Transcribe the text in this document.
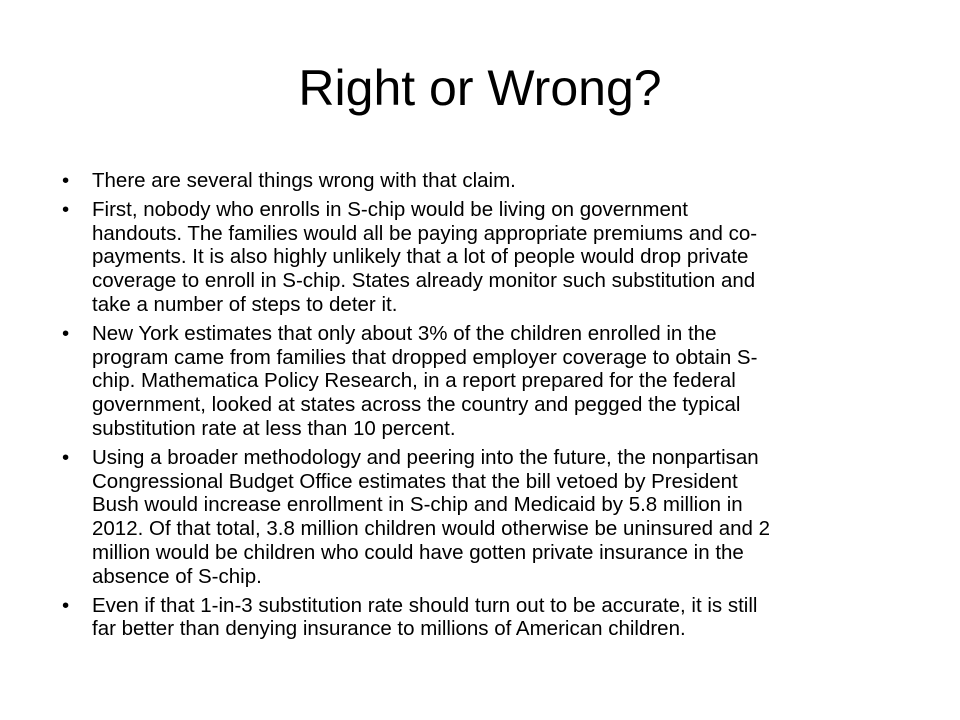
Right or Wrong?
• There are several things wrong with that claim.
• First, nobody who enrolls in S-chip would be living on government
handouts. The families would all be paying appropriate premiums and co-
payments. It is also highly unlikely that a lot of people would drop private
coverage to enroll in S-chip. States already monitor such substitution and
take a number of steps to deter it.
• New York estimates that only about 3% of the children enrolled in the
program came from families that dropped employer coverage to obtain S-
chip. Mathematica Policy Research, in a report prepared for the federal
government, looked at states across the country and pegged the typical
substitution rate at less than 10 percent.
• Using a broader methodology and peering into the future, the nonpartisan
Congressional Budget Office estimates that the bill vetoed by President
Bush would increase enrollment in S-chip and Medicaid by 5.8 million in
2012. Of that total, 3.8 million children would otherwise be uninsured and 2
million would be children who could have gotten private insurance in the
absence of S-chip.
• Even if that 1-in-3 substitution rate should turn out to be accurate, it is still
far better than denying insurance to millions of American children.
